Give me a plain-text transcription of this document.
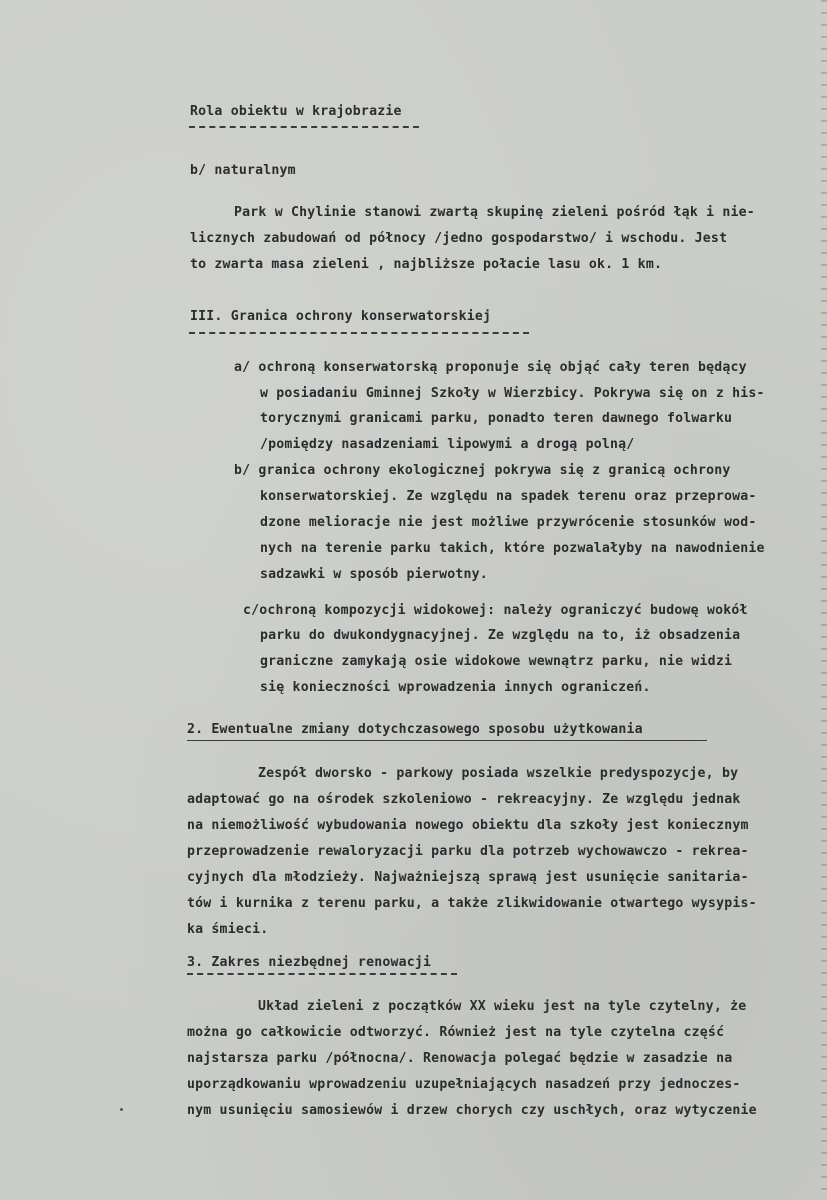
Rola obiektu w krajobrazie
b/ naturalnym
Park w Chylinie stanowi zwartą skupinę zieleni pośród łąk i nie-
licznych zabudowań od północy /jedno gospodarstwo/ i wschodu. Jest
to zwarta masa zieleni , najbliższe połacie lasu ok. 1 km.
III. Granica ochrony konserwatorskiej
a/ ochroną konserwatorską proponuje się objąć cały teren będący
w posiadaniu Gminnej Szkoły w Wierzbicy. Pokrywa się on z his-
torycznymi granicami parku, ponadto teren dawnego folwarku
/pomiędzy nasadzeniami lipowymi a drogą polną/
b/ granica ochrony ekologicznej pokrywa się z granicą ochrony
konserwatorskiej. Ze względu na spadek terenu oraz przeprowa-
dzone melioracje nie jest możliwe przywrócenie stosunków wod-
nych na terenie parku takich, które pozwalałyby na nawodnienie
sadzawki w sposób pierwotny.
c/ochroną kompozycji widokowej: należy ograniczyć budowę wokół
parku do dwukondygnacyjnej. Ze względu na to, iż obsadzenia
graniczne zamykają osie widokowe wewnątrz parku, nie widzi
się konieczności wprowadzenia innych ograniczeń.
2. Ewentualne zmiany dotychczasowego sposobu użytkowania
Zespół dworsko - parkowy posiada wszelkie predyspozycje, by
adaptować go na ośrodek szkoleniowo - rekreacyjny. Ze względu jednak
na niemożliwość wybudowania nowego obiektu dla szkoły jest koniecznym
przeprowadzenie rewaloryzacji parku dla potrzeb wychowawczo - rekrea-
cyjnych dla młodzieży. Najważniejszą sprawą jest usunięcie sanitaria-
tów i kurnika z terenu parku, a także zlikwidowanie otwartego wysypis-
ka śmieci.
3. Zakres niezbędnej renowacji
Układ zieleni z początków XX wieku jest na tyle czytelny, że
można go całkowicie odtworzyć. Również jest na tyle czytelna część
najstarsza parku /północna/. Renowacja polegać będzie w zasadzie na
uporządkowaniu wprowadzeniu uzupełniających nasadzeń przy jednoczes-
nym usunięciu samosiewów i drzew chorych czy uschłych, oraz wytyczenie
